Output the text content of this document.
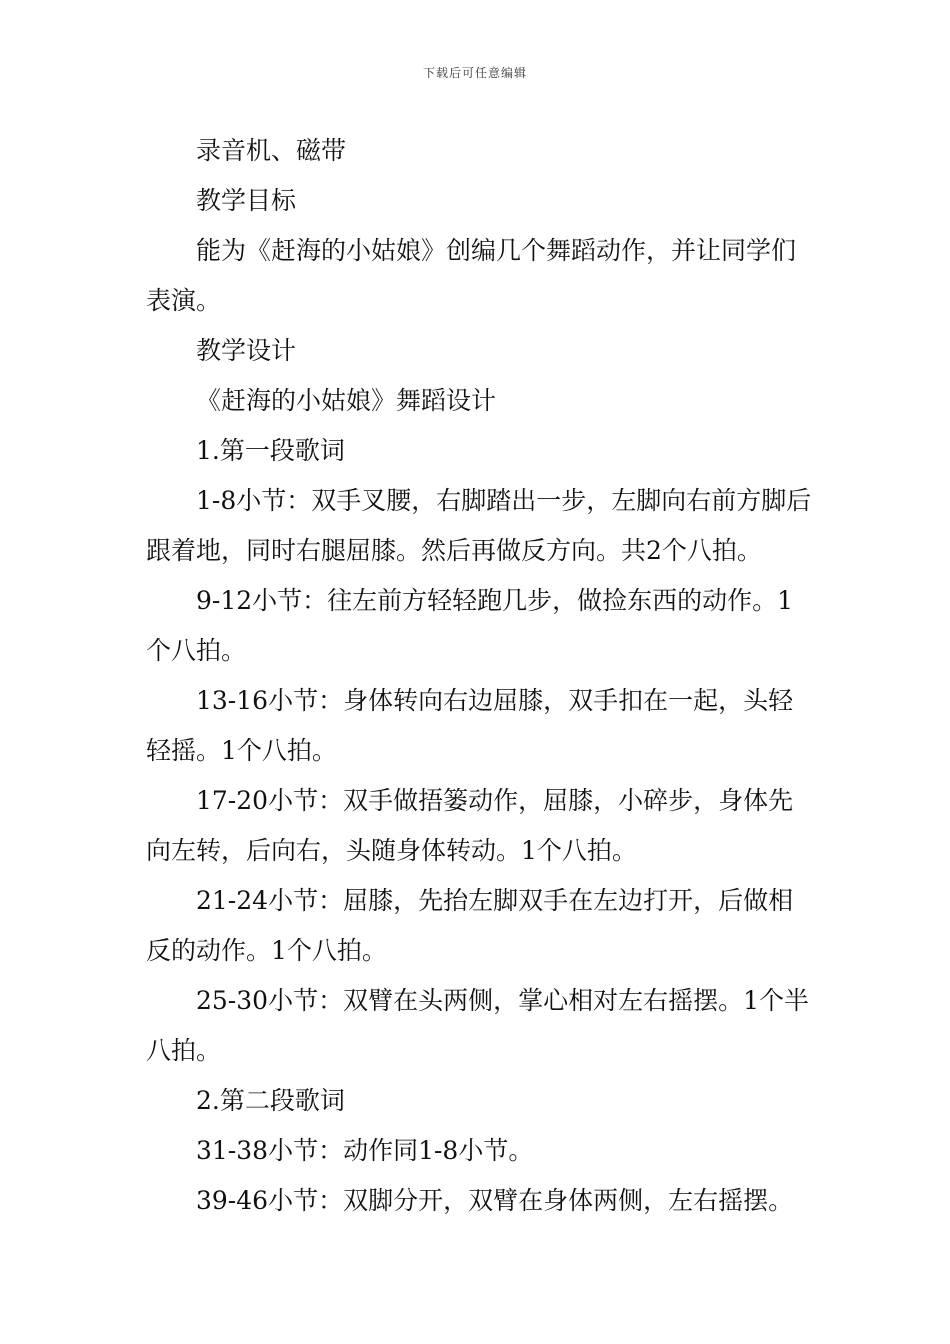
下载后可任意编辑

录音机、磁带

教学目标

能为《赶海的小姑娘》创编几个舞蹈动作，并让同学们表演。

教学设计

《赶海的小姑娘》舞蹈设计

1.第一段歌词

1-8小节：双手叉腰，右脚踏出一步，左脚向右前方脚后跟着地，同时右腿屈膝。然后再做反方向。共2个八拍。

9-12小节：往左前方轻轻跑几步，做捡东西的动作。1个八拍。

13-16小节：身体转向右边屈膝，双手扣在一起，头轻轻摇。1个八拍。

17-20小节：双手做捂篓动作，屈膝，小碎步，身体先向左转，后向右，头随身体转动。1个八拍。

21-24小节：屈膝，先抬左脚双手在左边打开，后做相反的动作。1个八拍。

25-30小节：双臂在头两侧，掌心相对左右摇摆。1个半八拍。

2.第二段歌词

31-38小节：动作同1-8小节。

39-46小节：双脚分开，双臂在身体两侧，左右摇摆。
